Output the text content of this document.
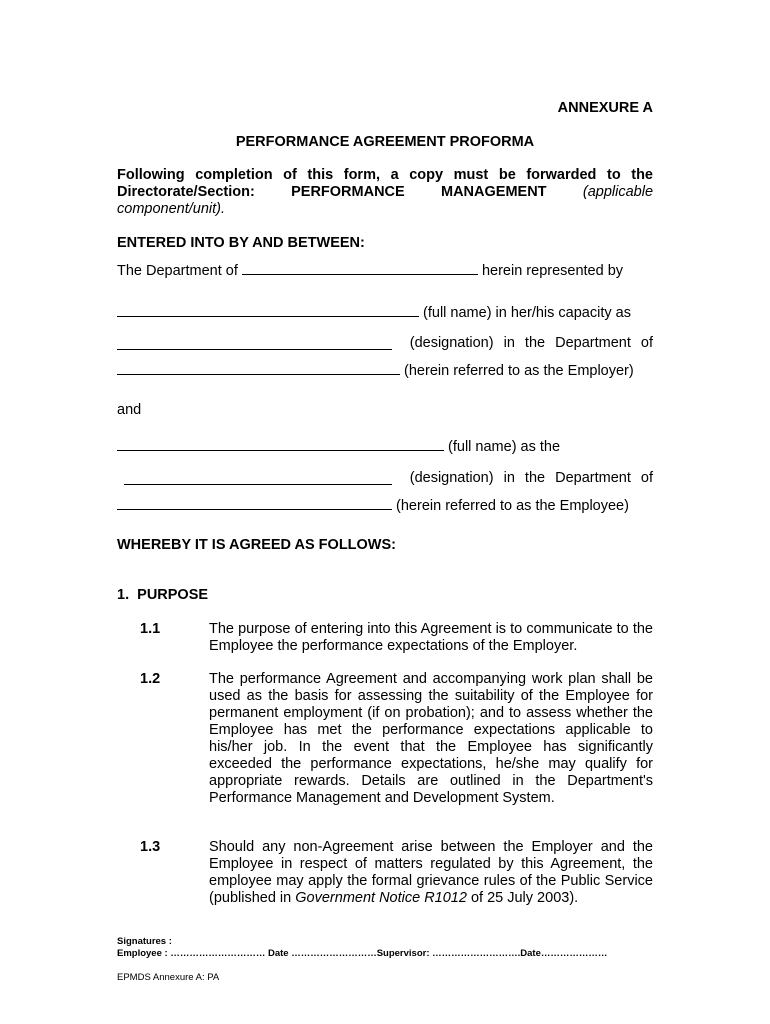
ANNEXURE A
PERFORMANCE AGREEMENT PROFORMA
Following completion of this form, a copy must be forwarded to the Directorate/Section: PERFORMANCE MANAGEMENT	(applicable component/unit).
ENTERED INTO BY AND BETWEEN:
The Department of	herein represented by
(full name) in her/his capacity as
(designation) in the Department of
(herein referred to as the Employer)
and
(full name) as the
(designation) in the Department of
(herein referred to as the Employee)
WHEREBY IT IS AGREED AS FOLLOWS:
1.  PURPOSE
1.1	The purpose of entering into this Agreement is to communicate to the Employee the performance expectations of the Employer.
1.2	The performance Agreement and accompanying work plan shall be used as the basis for assessing the suitability of the Employee for permanent employment (if on probation); and to assess whether the Employee has met the performance expectations applicable to his/her job. In the event that the Employee has significantly exceeded the performance expectations, he/she may qualify for appropriate rewards. Details are outlined in the Department's Performance Management and Development System.
1.3	Should any non-Agreement arise between the Employer and the Employee in respect of matters regulated by this Agreement, the employee may apply the formal grievance rules of the Public Service (published in Government Notice R1012 of 25 July 2003).
Signatures :
Employee : ………………………… Date ………………………Supervisor: ……………………….Date…………………
EPMDS Annexure A: PA
